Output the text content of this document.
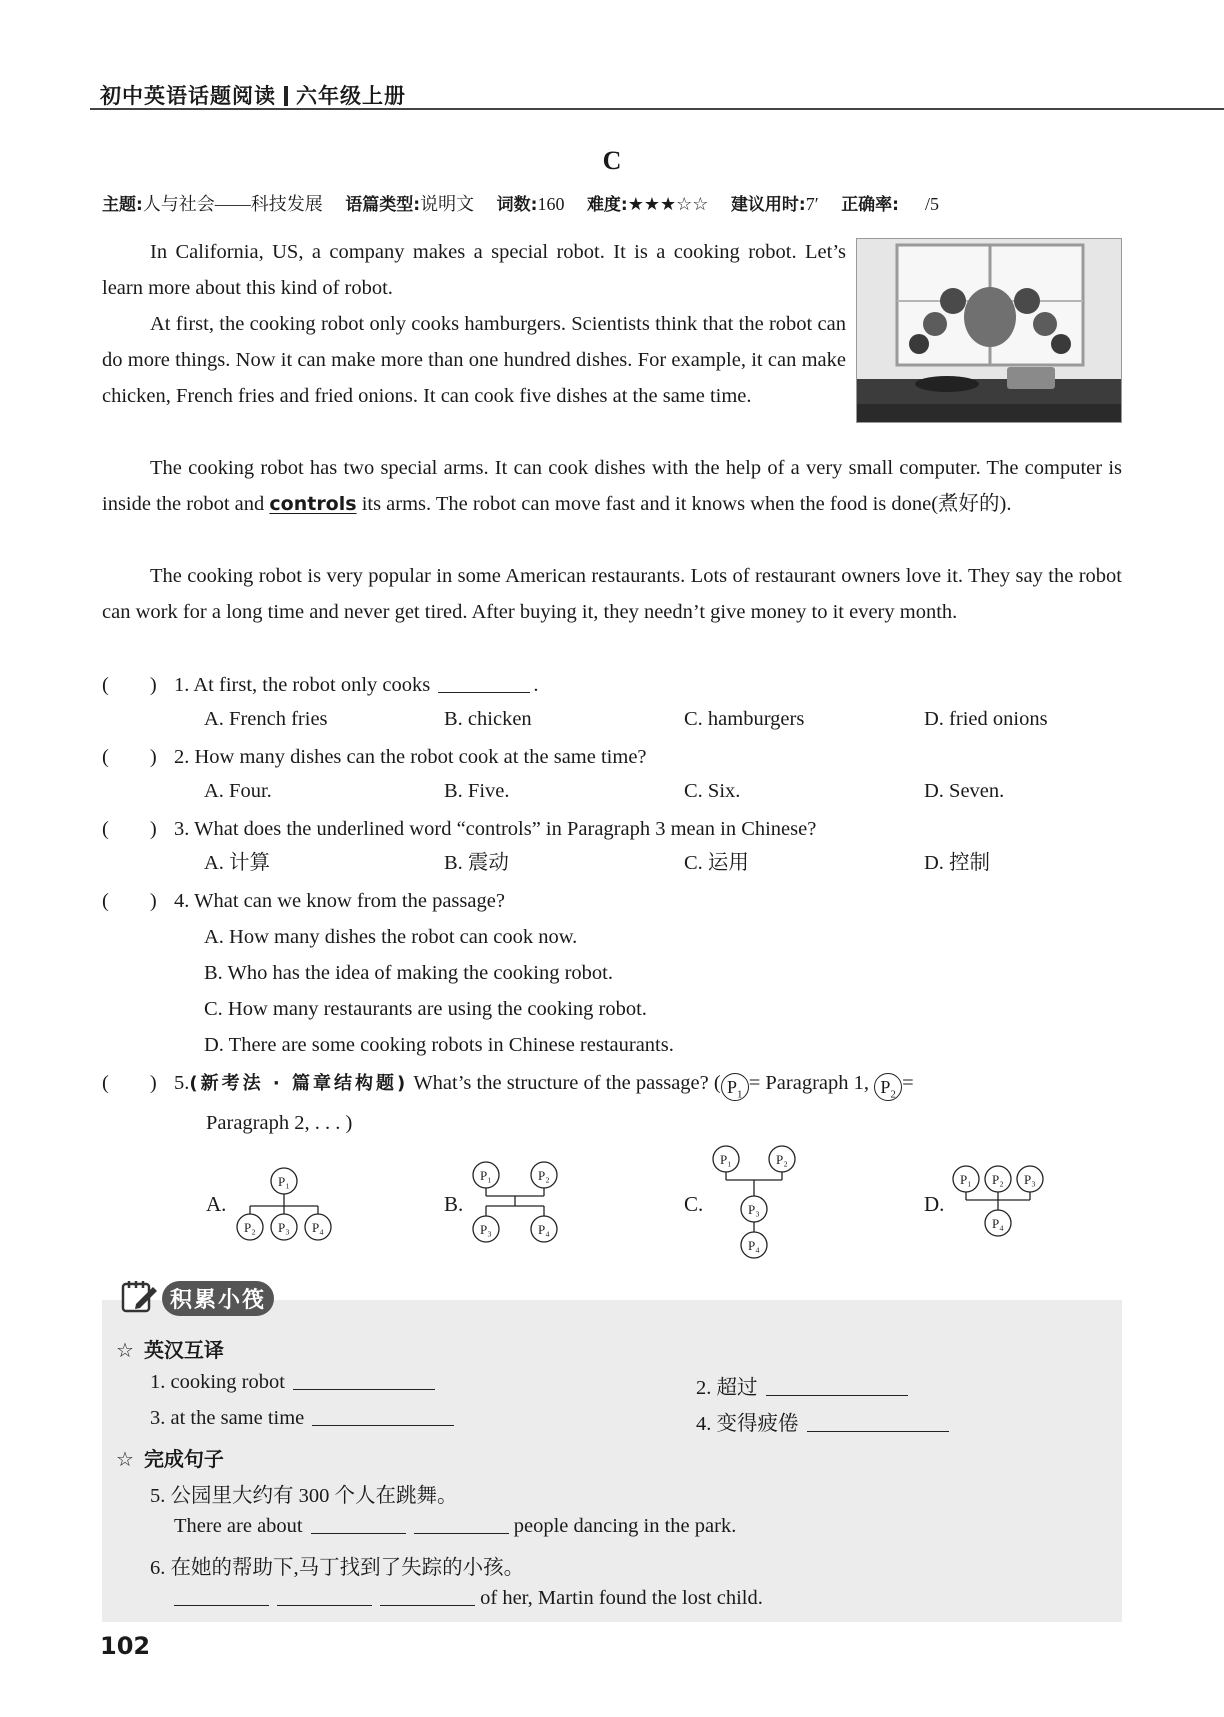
初中英语话题阅读 六年级上册
C
主题:人与社会——科技发展 语篇类型:说明文 词数:160 难度:★★★☆☆ 建议用时:7′ 正确率: /5
In California, US, a company makes a special robot. It is a cooking robot. Let’s learn more about this kind of robot.
At first, the cooking robot only cooks hamburgers. Scientists think that the robot can do more things. Now it can make more than one hundred dishes. For example, it can make chicken, French fries and fried onions. It can cook five dishes at the same time.
The cooking robot has two special arms. It can cook dishes with the help of a very small computer. The computer is inside the robot and controls its arms. The robot can move fast and it knows when the food is done(煮好的).
The cooking robot is very popular in some American restaurants. Lots of restaurant owners love it. They say the robot can work for a long time and never get tired. After buying it, they needn’t give money to it every month.
(　　) 1. At first, the robot only cooks	.
A. French fries	B. chicken	C. hamburgers	D. fried onions
(　　) 2. How many dishes can the robot cook at the same time?
A. Four.	B. Five.	C. Six.	D. Seven.
(　　) 3. What does the underlined word “controls” in Paragraph 3 mean in Chinese?
A. 计算	B. 震动	C. 运用	D. 控制
(　　) 4. What can we know from the passage?
A. How many dishes the robot can cook now.
B. Who has the idea of making the cooking robot.
C. How many restaurants are using the cooking robot.
D. There are some cooking robots in Chinese restaurants.
(　　) 5.(新考法 · 篇章结构题) What’s the structure of the passage? ( $P_1=$ Paragraph 1, $P_2=$
Paragraph 2, . . . )
A.
P₁
P₂ P₃ P₄
B.
P₁	P₂
P₃	P₄
C.
P₁	P₂
P₃
P₄
D.
P₁ P₂ P₃
P₄
积累小筏
☆ 英汉互译
1. cooking robot	2. 超过
3. at the same time	4. 变得疲倦
☆ 完成句子
5. 公园里大约有 300 个人在跳舞。
There are about	people dancing in the park.
6. 在她的帮助下,马丁找到了失踪的小孩。
of her, Martin found the lost child.
102
